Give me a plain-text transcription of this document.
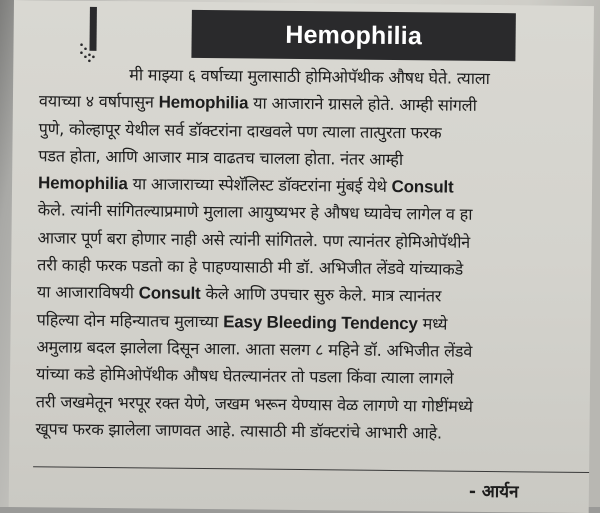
Hemophilia
मी माझ्या ६ वर्षाच्या मुलासाठी होमिओपॅथीक औषध घेते. त्याला
वयाच्या ४ वर्षापासुन Hemophilia या आजाराने ग्रासले होते. आम्ही सांगली
पुणे, कोल्हापूर येथील सर्व डॉक्टरांना दाखवले पण त्याला तात्पुरता फरक
पडत होता, आणि आजार मात्र वाढतच चालला होता. नंतर आम्ही
Hemophilia या आजाराच्या स्पेशॅलिस्ट डॉक्टरांना मुंबई येथे Consult
केले. त्यांनी सांगितल्याप्रमाणे मुलाला आयुष्यभर हे औषध घ्यावेच लागेल व हा
आजार पूर्ण बरा होणार नाही असे त्यांनी सांगितले. पण त्यानंतर होमिओपॅथीने
तरी काही फरक पडतो का हे पाहण्यासाठी मी डॉ. अभिजीत लेंडवे यांच्याकडे
या आजाराविषयी Consult केले आणि उपचार सुरु केले. मात्र त्यानंतर
पहिल्या दोन महिन्यातच मुलाच्या Easy Bleeding Tendency मध्ये
अमुलाग्र बदल झालेला दिसून आला. आता सलग ८ महिने डॉ. अभिजीत लेंडवे
यांच्या कडे होमिओपॅथीक औषध घेतल्यानंतर तो पडला किंवा त्याला लागले
तरी जखमेतून भरपूर रक्त येणे, जखम भरून येण्यास वेळ लागणे या गोष्टींमध्ये
खूपच फरक झालेला जाणवत आहे. त्यासाठी मी डॉक्टरांचे आभारी आहे.
- आर्यन
